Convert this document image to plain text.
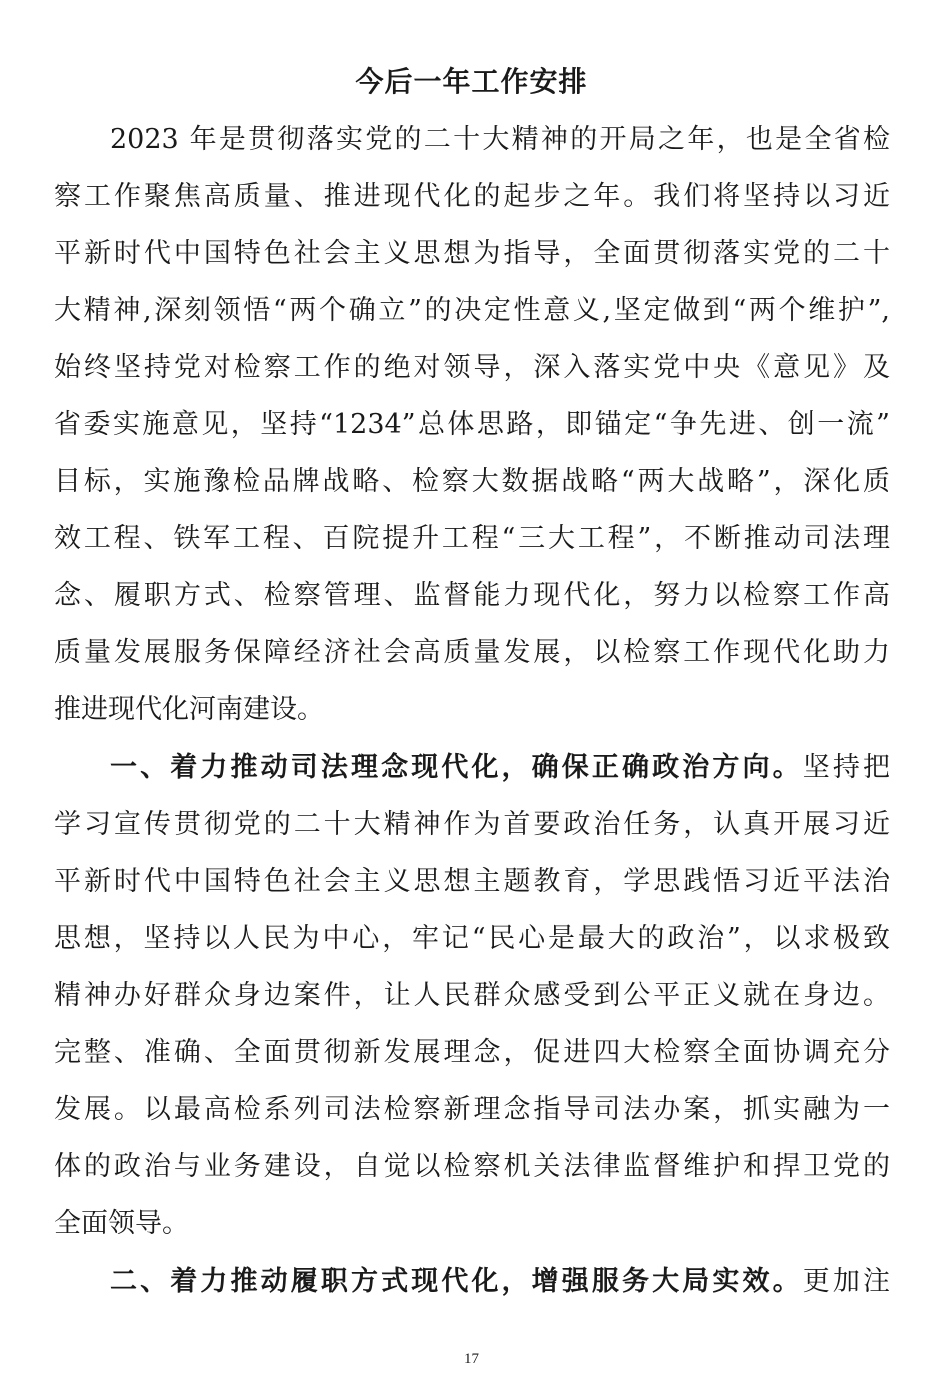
今后一年工作安排
2023 年是贯彻落实党的二十大精神的开局之年，也是全省检
察工作聚焦高质量、推进现代化的起步之年。我们将坚持以习近
平新时代中国特色社会主义思想为指导，全面贯彻落实党的二十
大精神,深刻领悟“两个确立”的决定性意义,坚定做到“两个维护”,
始终坚持党对检察工作的绝对领导，深入落实党中央《意见》及
省委实施意见，坚持“1234”总体思路，即锚定“争先进、创一流”
目标，实施豫检品牌战略、检察大数据战略“两大战略”，深化质
效工程、铁军工程、百院提升工程“三大工程”，不断推动司法理
念、履职方式、检察管理、监督能力现代化，努力以检察工作高
质量发展服务保障经济社会高质量发展，以检察工作现代化助力
推进现代化河南建设。
一、着力推动司法理念现代化，确保正确政治方向。坚持把
学习宣传贯彻党的二十大精神作为首要政治任务，认真开展习近
平新时代中国特色社会主义思想主题教育，学思践悟习近平法治
思想，坚持以人民为中心，牢记“民心是最大的政治”，以求极致
精神办好群众身边案件，让人民群众感受到公平正义就在身边。
完整、准确、全面贯彻新发展理念，促进四大检察全面协调充分
发展。以最高检系列司法检察新理念指导司法办案，抓实融为一
体的政治与业务建设，自觉以检察机关法律监督维护和捍卫党的
全面领导。
二、着力推动履职方式现代化，增强服务大局实效。更加注
17
